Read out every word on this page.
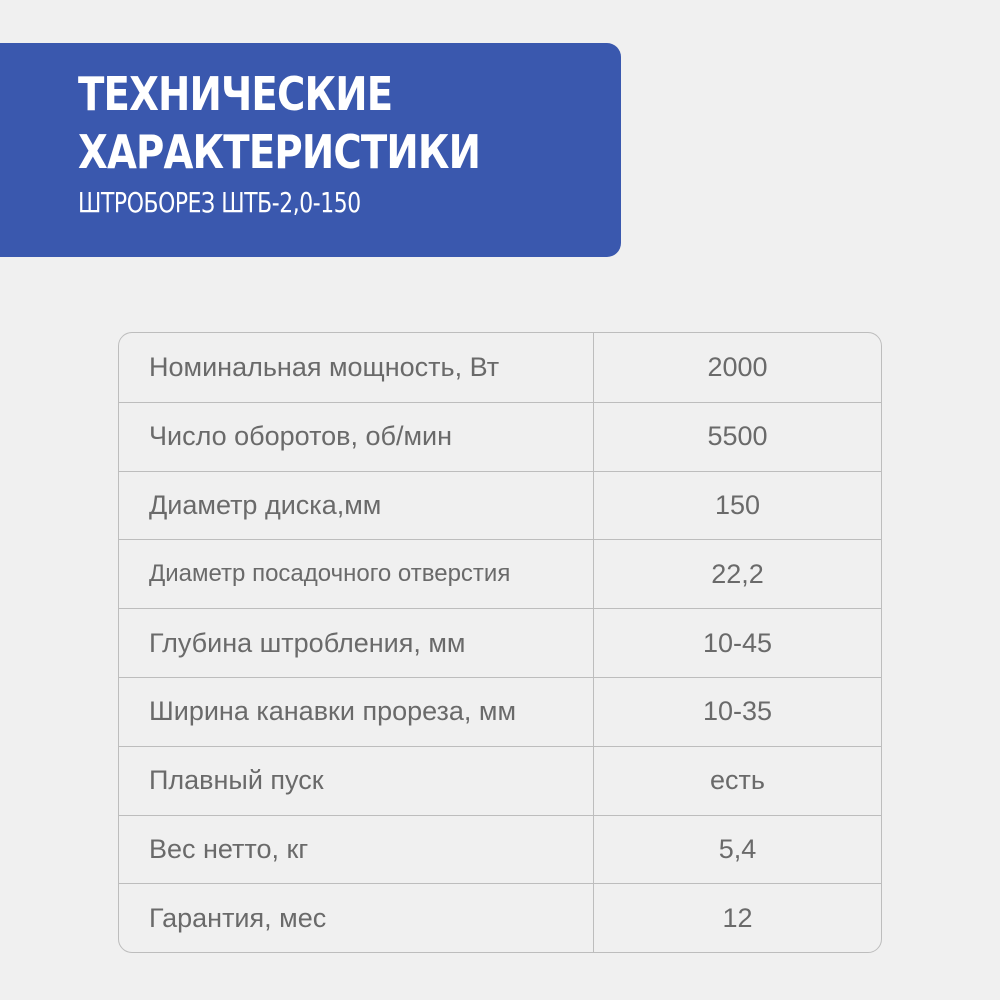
ТЕХНИЧЕСКИЕ
ХАРАКТЕРИСТИКИ
ШТРОБОРЕЗ ШТБ-2,0-150
Номинальная мощность, Вт	2000
Число оборотов, об/мин	5500
Диаметр диска,мм	150
Диаметр посадочного отверстия	22,2
Глубина штробления, мм	10-45
Ширина канавки прореза, мм	10-35
Плавный пуск	есть
Вес нетто, кг	5,4
Гарантия, мес	12
